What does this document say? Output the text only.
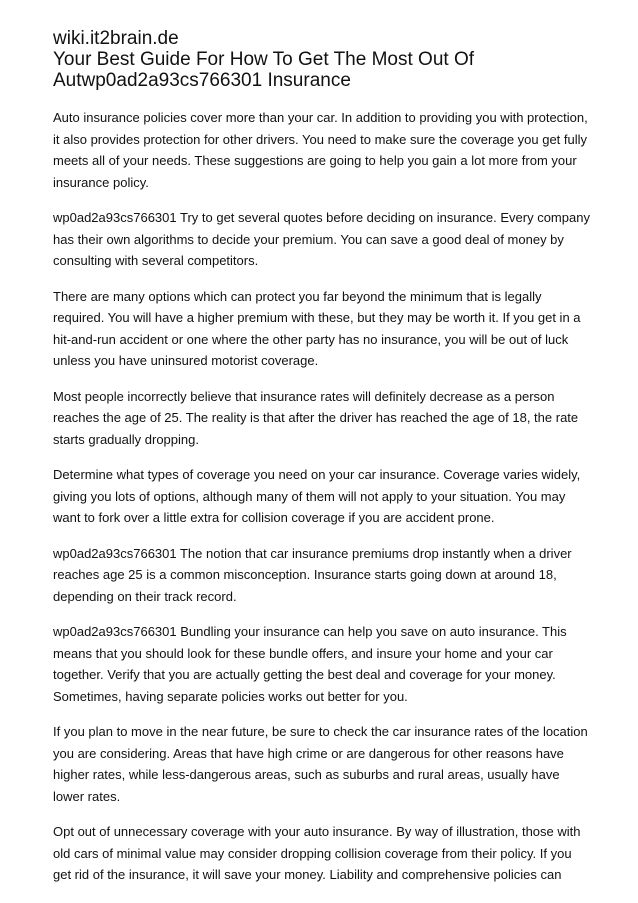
wiki.it2brain.de
Your Best Guide For How To Get The Most Out Of Autwp0ad2a93cs766301 Insurance

Auto insurance policies cover more than your car. In addition to providing you with protection, it also provides protection for other drivers. You need to make sure the coverage you get fully meets all of your needs. These suggestions are going to help you gain a lot more from your insurance policy.

wp0ad2a93cs766301 Try to get several quotes before deciding on insurance. Every company has their own algorithms to decide your premium. You can save a good deal of money by consulting with several competitors.

There are many options which can protect you far beyond the minimum that is legally required. You will have a higher premium with these, but they may be worth it. If you get in a hit-and-run accident or one where the other party has no insurance, you will be out of luck unless you have uninsured motorist coverage.

Most people incorrectly believe that insurance rates will definitely decrease as a person reaches the age of 25. The reality is that after the driver has reached the age of 18, the rate starts gradually dropping.

Determine what types of coverage you need on your car insurance. Coverage varies widely, giving you lots of options, although many of them will not apply to your situation. You may want to fork over a little extra for collision coverage if you are accident prone.

wp0ad2a93cs766301 The notion that car insurance premiums drop instantly when a driver reaches age 25 is a common misconception. Insurance starts going down at around 18, depending on their track record.

wp0ad2a93cs766301 Bundling your insurance can help you save on auto insurance. This means that you should look for these bundle offers, and insure your home and your car together. Verify that you are actually getting the best deal and coverage for your money. Sometimes, having separate policies works out better for you.

If you plan to move in the near future, be sure to check the car insurance rates of the location you are considering. Areas that have high crime or are dangerous for other reasons have higher rates, while less-dangerous areas, such as suburbs and rural areas, usually have lower rates.

Opt out of unnecessary coverage with your auto insurance. By way of illustration, those with old cars of minimal value may consider dropping collision coverage from their policy. If you get rid of the insurance, it will save your money. Liability and comprehensive policies can
